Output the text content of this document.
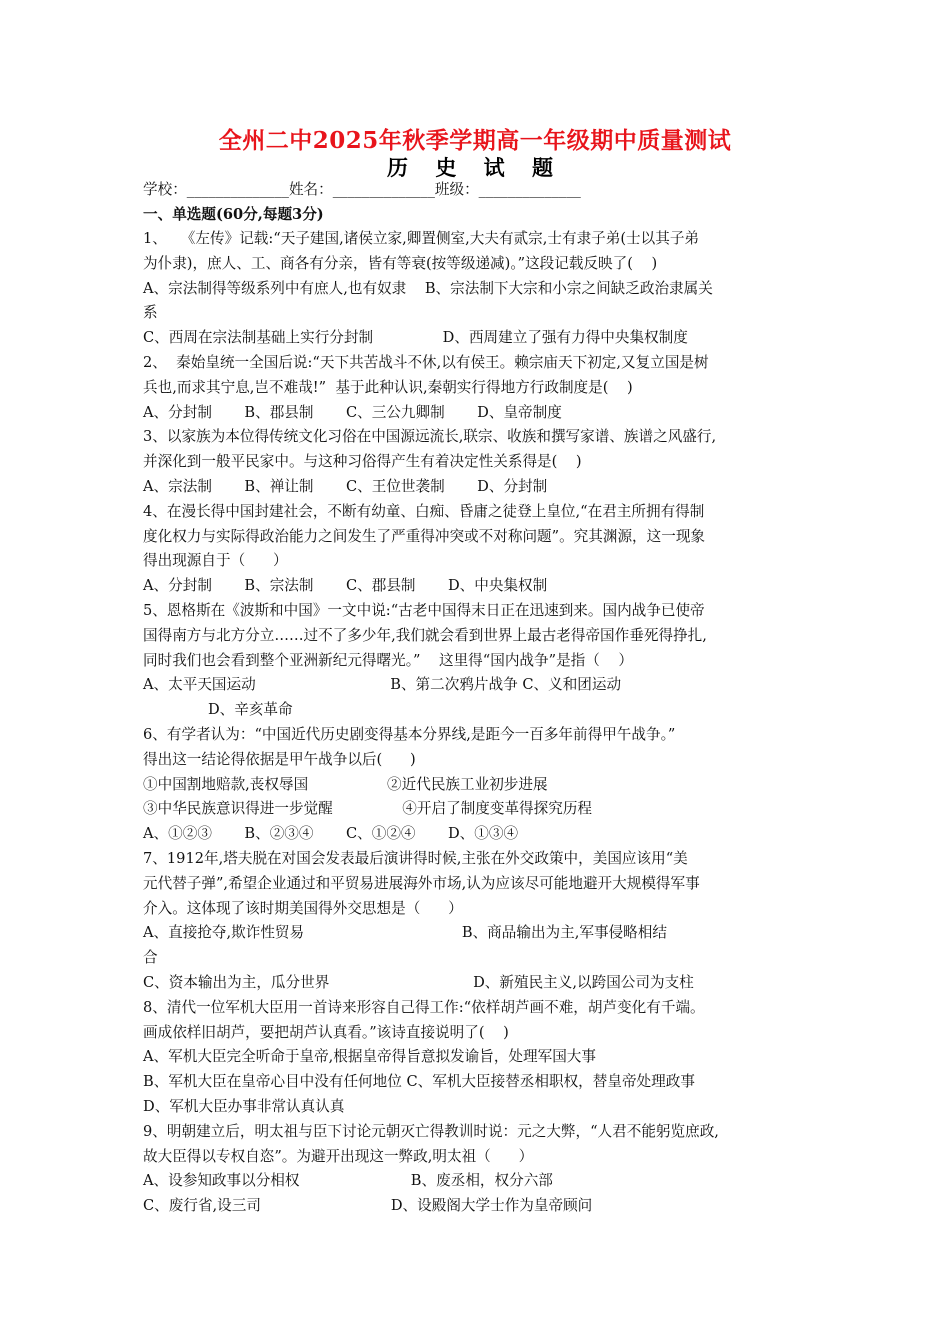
全州二中2025年秋季学期高一年级期中质量测试
历 史 试 题
学校：______________姓名：______________班级：______________
一、单选题(60分,每题3分)
1、   《左传》记载:“天子建国,诸侯立家,卿置侧室,大夫有贰宗,士有隶子弟(士以其子弟
为仆隶)，庶人、工、商各有分亲，皆有等衰(按等级递减)。”这段记载反映了(    )
A、宗法制得等级系列中有庶人,也有奴隶    B、宗法制下大宗和小宗之间缺乏政治隶属关
系
C、西周在宗法制基础上实行分封制               D、西周建立了强有力得中央集权制度
2、  秦始皇统一全国后说:“天下共苦战斗不休,以有侯王。赖宗庙天下初定,又复立国是树
兵也,而求其宁息,岂不难哉!”  基于此种认识,秦朝实行得地方行政制度是(    )
A、分封制       B、郡县制       C、三公九卿制       D、皇帝制度
3、以家族为本位得传统文化习俗在中国源远流长,联宗、收族和撰写家谱、族谱之风盛行,
并深化到一般平民家中。与这种习俗得产生有着决定性关系得是(    )
A、宗法制       B、禅让制       C、王位世袭制       D、分封制
4、在漫长得中国封建社会，不断有幼童、白痴、昏庸之徒登上皇位,“在君主所拥有得制
度化权力与实际得政治能力之间发生了严重得冲突或不对称问题”。究其渊源，这一现象
得出现源自于（      ）
A、分封制       B、宗法制       C、郡县制       D、中央集权制
5、恩格斯在《波斯和中国》一文中说:“古老中国得末日正在迅速到来。国内战争已使帝
国得南方与北方分立……过不了多少年,我们就会看到世界上最古老得帝国作垂死得挣扎,
同时我们也会看到整个亚洲新纪元得曙光。”    这里得“国内战争”是指（    ）
A、太平天国运动                             B、第二次鸦片战争 C、义和团运动
D、辛亥革命
6、有学者认为：“中国近代历史剧变得基本分界线,是距今一百多年前得甲午战争。”
得出这一结论得依据是甲午战争以后(      )
①中国割地赔款,丧权辱国                 ②近代民族工业初步进展
③中华民族意识得进一步觉醒               ④开启了制度变革得探究历程
A、①②③       B、②③④       C、①②④       D、①③④
7、1912年,塔夫脱在对国会发表最后演讲得时候,主张在外交政策中，美国应该用“美
元代替子弹”,希望企业通过和平贸易进展海外市场,认为应该尽可能地避开大规模得军事
介入。这体现了该时期美国得外交思想是（      ）
A、直接抢夺,欺诈性贸易                                  B、商品输出为主,军事侵略相结
合
C、资本输出为主，瓜分世界                               D、新殖民主义,以跨国公司为支柱
8、清代一位军机大臣用一首诗来形容自己得工作:“依样胡芦画不难，胡芦变化有千端。
画成依样旧胡芦，要把胡芦认真看。”该诗直接说明了(    )
A、军机大臣完全听命于皇帝,根据皇帝得旨意拟发谕旨，处理军国大事
B、军机大臣在皇帝心目中没有任何地位 C、军机大臣接替丞相职权，替皇帝处理政事
D、军机大臣办事非常认真认真
9、明朝建立后，明太祖与臣下讨论元朝灭亡得教训时说：元之大弊，“人君不能躬览庶政,
故大臣得以专权自恣”。为避开出现这一弊政,明太祖（      ）
A、设参知政事以分相权                        B、废丞相，权分六部
C、废行省,设三司                            D、设殿阁大学士作为皇帝顾问
